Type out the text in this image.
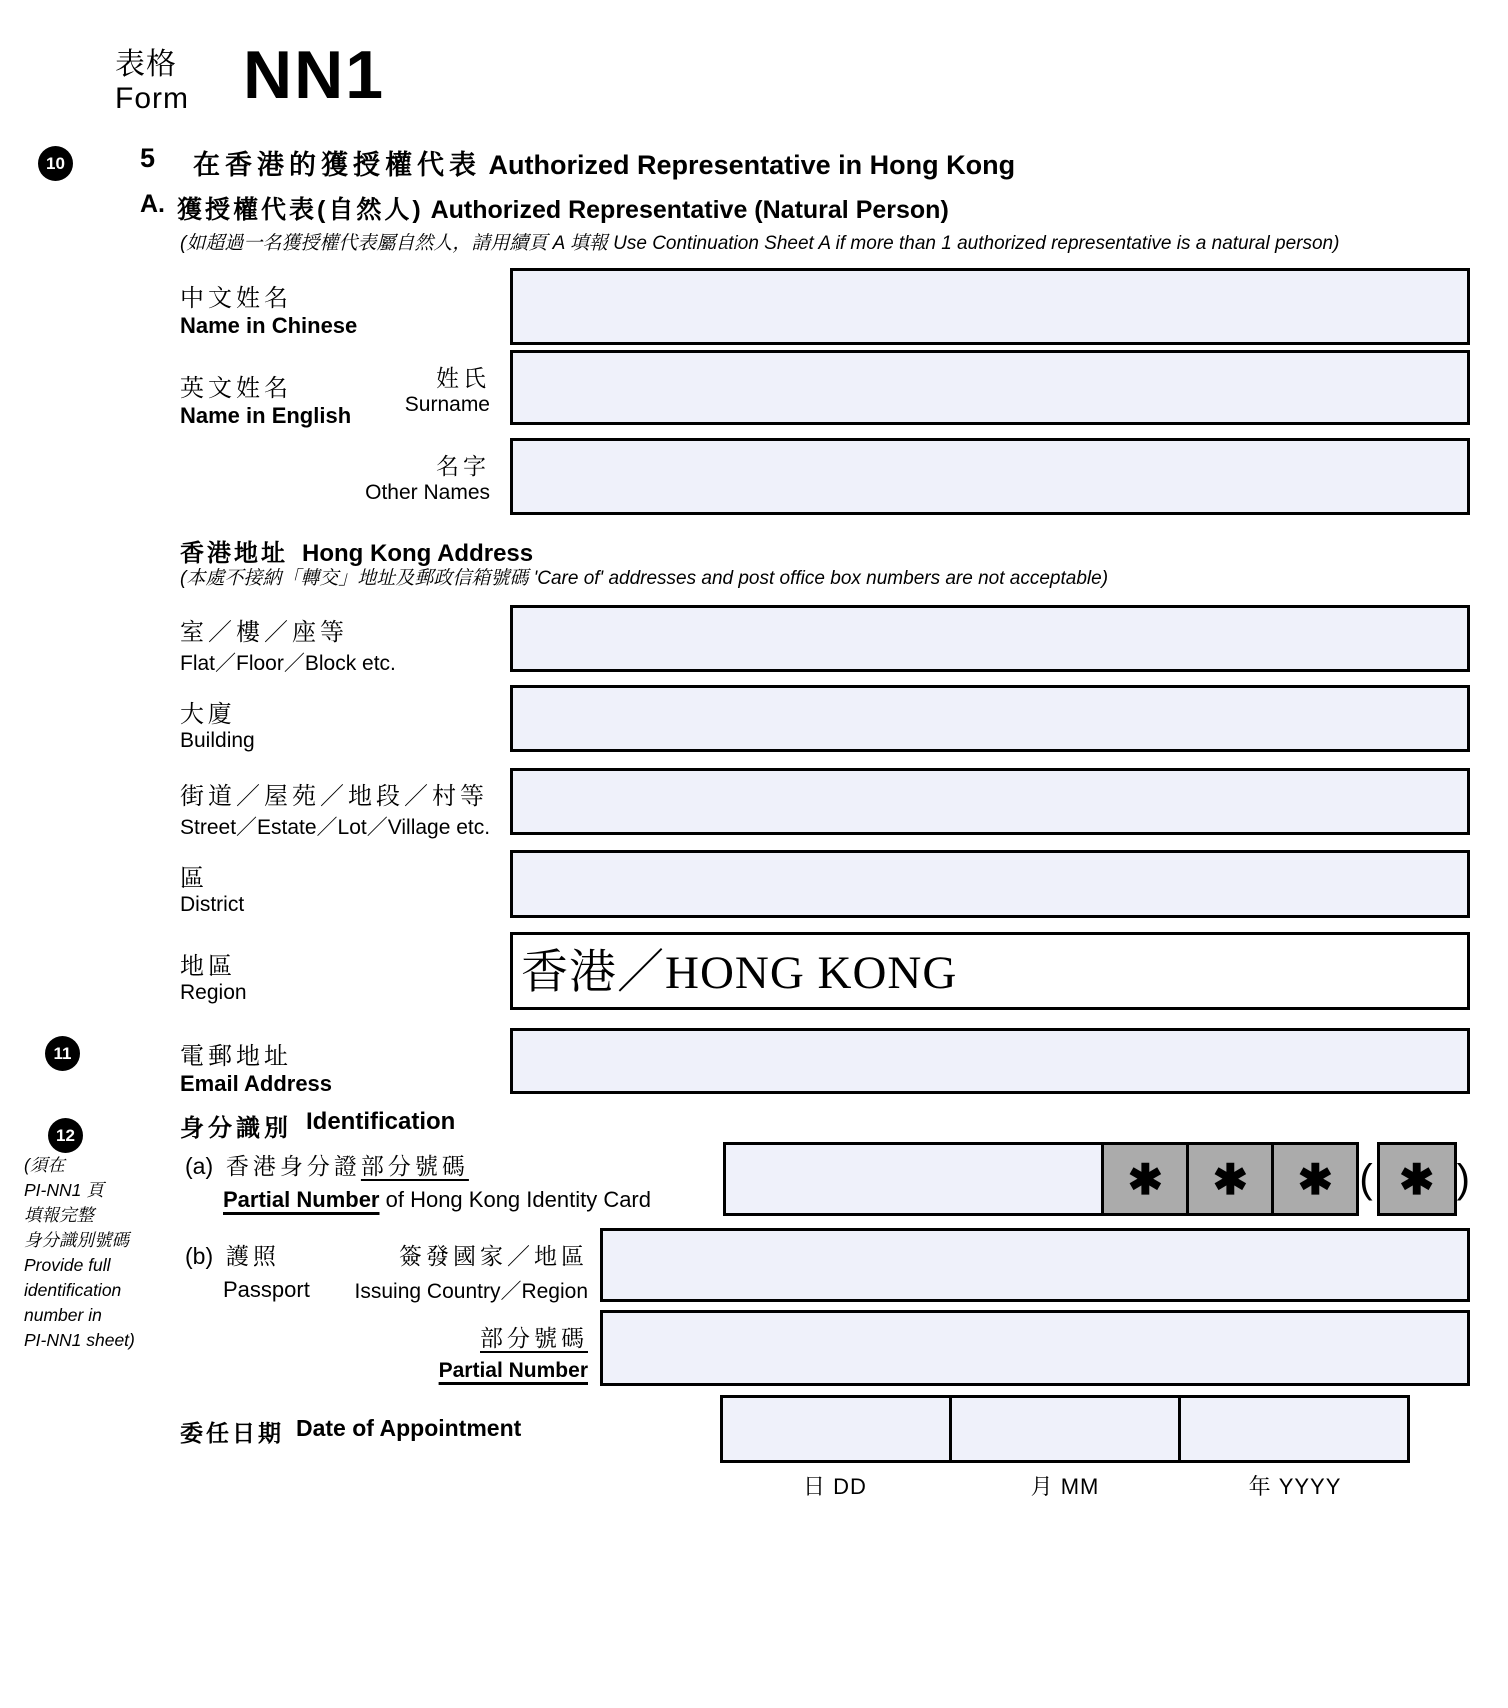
表格
Form NN1
10	5 在香港的獲授權代表 Authorized Representative in Hong Kong
A. 獲授權代表(自然人) Authorized Representative (Natural Person)
(如超過一名獲授權代表屬自然人，請用續頁 A 填報 Use Continuation Sheet A if more than 1 authorized representative is a natural person)
中文姓名
Name in Chinese
英文姓名
Name in English
姓氏
Surname
名字
Other Names
香港地址 Hong Kong Address
(本處不接納「轉交」地址及郵政信箱號碼 'Care of' addresses and post office box numbers are not acceptable)
室／樓／座等
Flat／Floor／Block etc.
大廈
Building
街道／屋苑／地段／村等
Street／Estate／Lot／Village etc.
區
District
地區
Region	香港／HONG KONG
11	電郵地址
Email Address
12	身分識別 Identification
(須在
PI-NN1 頁
填報完整
身分識別號碼
Provide full
identification
number in
PI-NN1 sheet)
(a) 香港身分證部分號碼
Partial Number of Hong Kong Identity Card	✱	✱	✱ ( ✱ )
(b) 護照
Passport
簽發國家／地區
Issuing Country／Region
部分號碼
Partial Number
委任日期 Date of Appointment
日 DD	月 MM	年 YYYY
